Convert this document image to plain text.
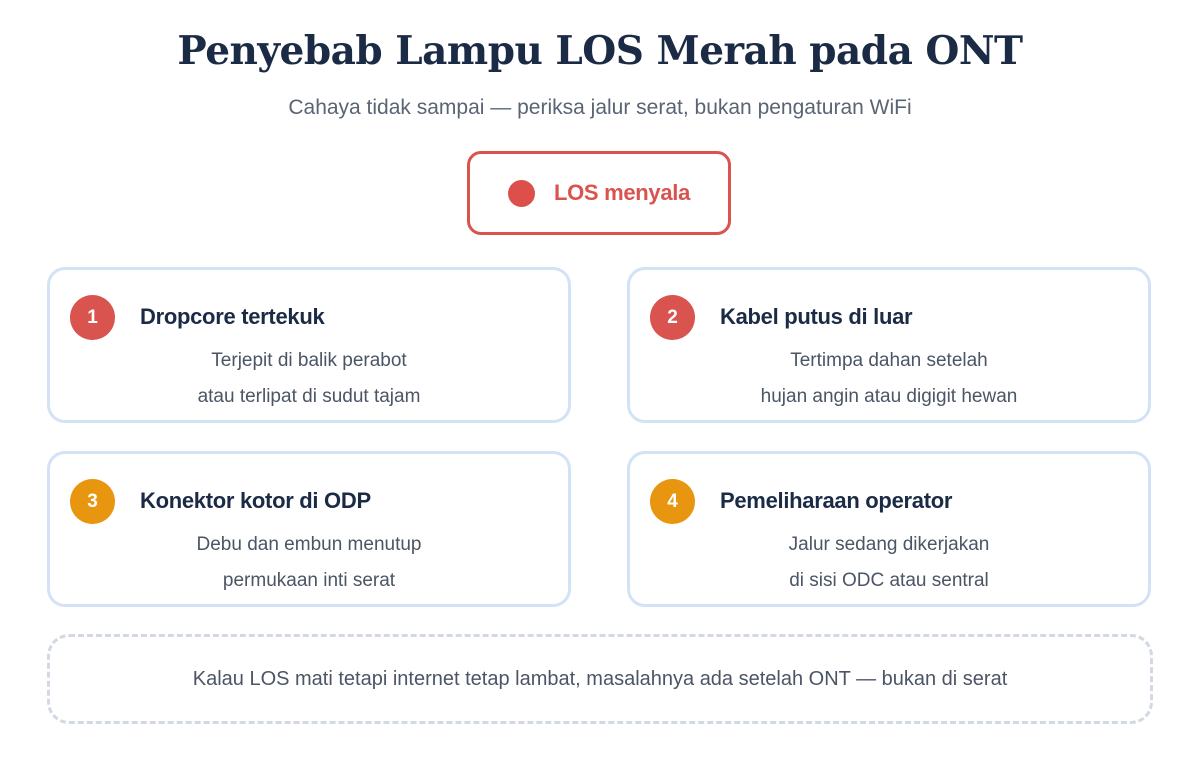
Penyebab Lampu LOS Merah pada ONT
Cahaya tidak sampai — periksa jalur serat, bukan pengaturan WiFi
LOS menyala
1	Dropcore tertekuk
Terjepit di balik perabot
atau terlipat di sudut tajam
2	Kabel putus di luar
Tertimpa dahan setelah
hujan angin atau digigit hewan
3	Konektor kotor di ODP
Debu dan embun menutup
permukaan inti serat
4	Pemeliharaan operator
Jalur sedang dikerjakan
di sisi ODC atau sentral
Kalau LOS mati tetapi internet tetap lambat, masalahnya ada setelah ONT — bukan di serat
